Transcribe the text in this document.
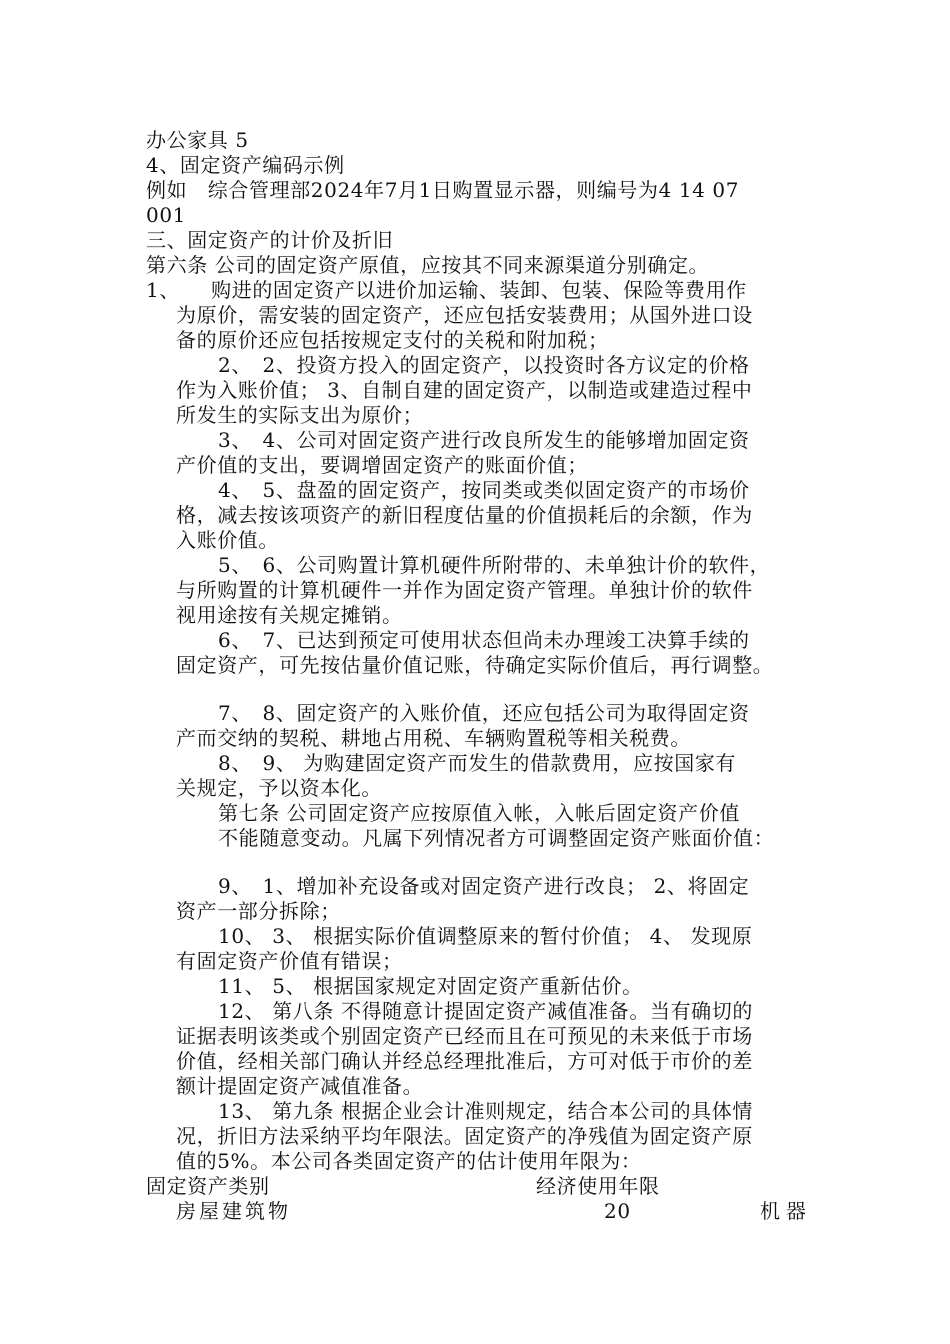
办公家具 5
4、固定资产编码示例
例如　综合管理部2024年7月1日购置显示器，则编号为4 14 07
001
三、固定资产的计价及折旧
第六条 公司的固定资产原值，应按其不同来源渠道分别确定。
1、　　购进的固定资产以进价加运输、装卸、包装、保险等费用作
为原价，需安装的固定资产，还应包括安装费用；从国外进口设
备的原价还应包括按规定支付的关税和附加税；
2、　2、投资方投入的固定资产，以投资时各方议定的价格
作为入账价值； 3、自制自建的固定资产，以制造或建造过程中
所发生的实际支出为原价；
3、　4、公司对固定资产进行改良所发生的能够增加固定资
产价值的支出，要调增固定资产的账面价值；
4、　5、盘盈的固定资产，按同类或类似固定资产的市场价
格，减去按该项资产的新旧程度估量的价值损耗后的余额，作为
入账价值。
5、　6、公司购置计算机硬件所附带的、未单独计价的软件，
与所购置的计算机硬件一并作为固定资产管理。单独计价的软件
视用途按有关规定摊销。
6、　7、已达到预定可使用状态但尚未办理竣工决算手续的
固定资产，可先按估量价值记账，待确定实际价值后，再行调整。
7、　8、固定资产的入账价值，还应包括公司为取得固定资
产而交纳的契税、耕地占用税、车辆购置税等相关税费。
8、　9、 为购建固定资产而发生的借款费用，应按国家有
关规定，予以资本化。
第七条 公司固定资产应按原值入帐，入帐后固定资产价值
不能随意变动。凡属下列情况者方可调整固定资产账面价值：
9、　1、增加补充设备或对固定资产进行改良； 2、将固定
资产一部分拆除；
10、 3、 根据实际价值调整原来的暂付价值； 4、 发现原
有固定资产价值有错误；
11、 5、 根据国家规定对固定资产重新估价。
12、 第八条 不得随意计提固定资产减值准备。当有确切的
证据表明该类或个别固定资产已经而且在可预见的未来低于市场
价值，经相关部门确认并经总经理批准后，方可对低于市价的差
额计提固定资产减值准备。
13、 第九条 根据企业会计准则规定，结合本公司的具体情
况，折旧方法采纳平均年限法。固定资产的净残值为固定资产原
值的5%。本公司各类固定资产的估计使用年限为：
固定资产类别	经济使用年限
房屋建筑物	20	机器
